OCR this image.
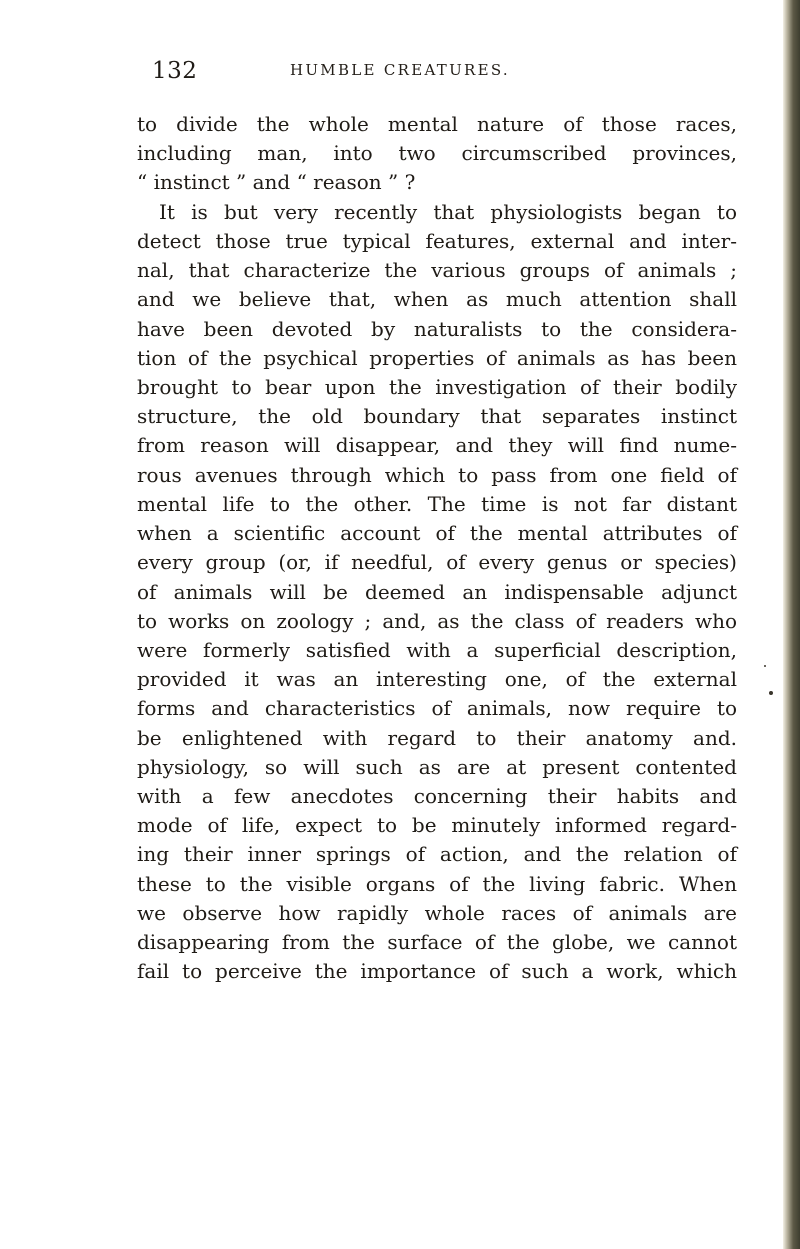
132	HUMBLE CREATURES.
to divide the whole mental nature of those races,
including man, into two circumscribed provinces,
“ instinct ” and “ reason ” ?
It is but very recently that physiologists began to
detect those true typical features, external and inter-
nal, that characterize the various groups of animals ;
and we believe that, when as much attention shall
have been devoted by naturalists to the considera-
tion of the psychical properties of animals as has been
brought to bear upon the investigation of their bodily
structure, the old boundary that separates instinct
from reason will disappear, and they will find nume-
rous avenues through which to pass from one field of
mental life to the other. The time is not far distant
when a scientific account of the mental attributes of
every group (or, if needful, of every genus or species)
of animals will be deemed an indispensable adjunct
to works on zoology ; and, as the class of readers who
were formerly satisfied with a superficial description,
provided it was an interesting one, of the external
forms and characteristics of animals, now require to
be enlightened with regard to their anatomy and.
physiology, so will such as are at present contented
with a few anecdotes concerning their habits and
mode of life, expect to be minutely informed regard-
ing their inner springs of action, and the relation of
these to the visible organs of the living fabric. When
we observe how rapidly whole races of animals are
disappearing from the surface of the globe, we cannot
fail to perceive the importance of such a work, which
